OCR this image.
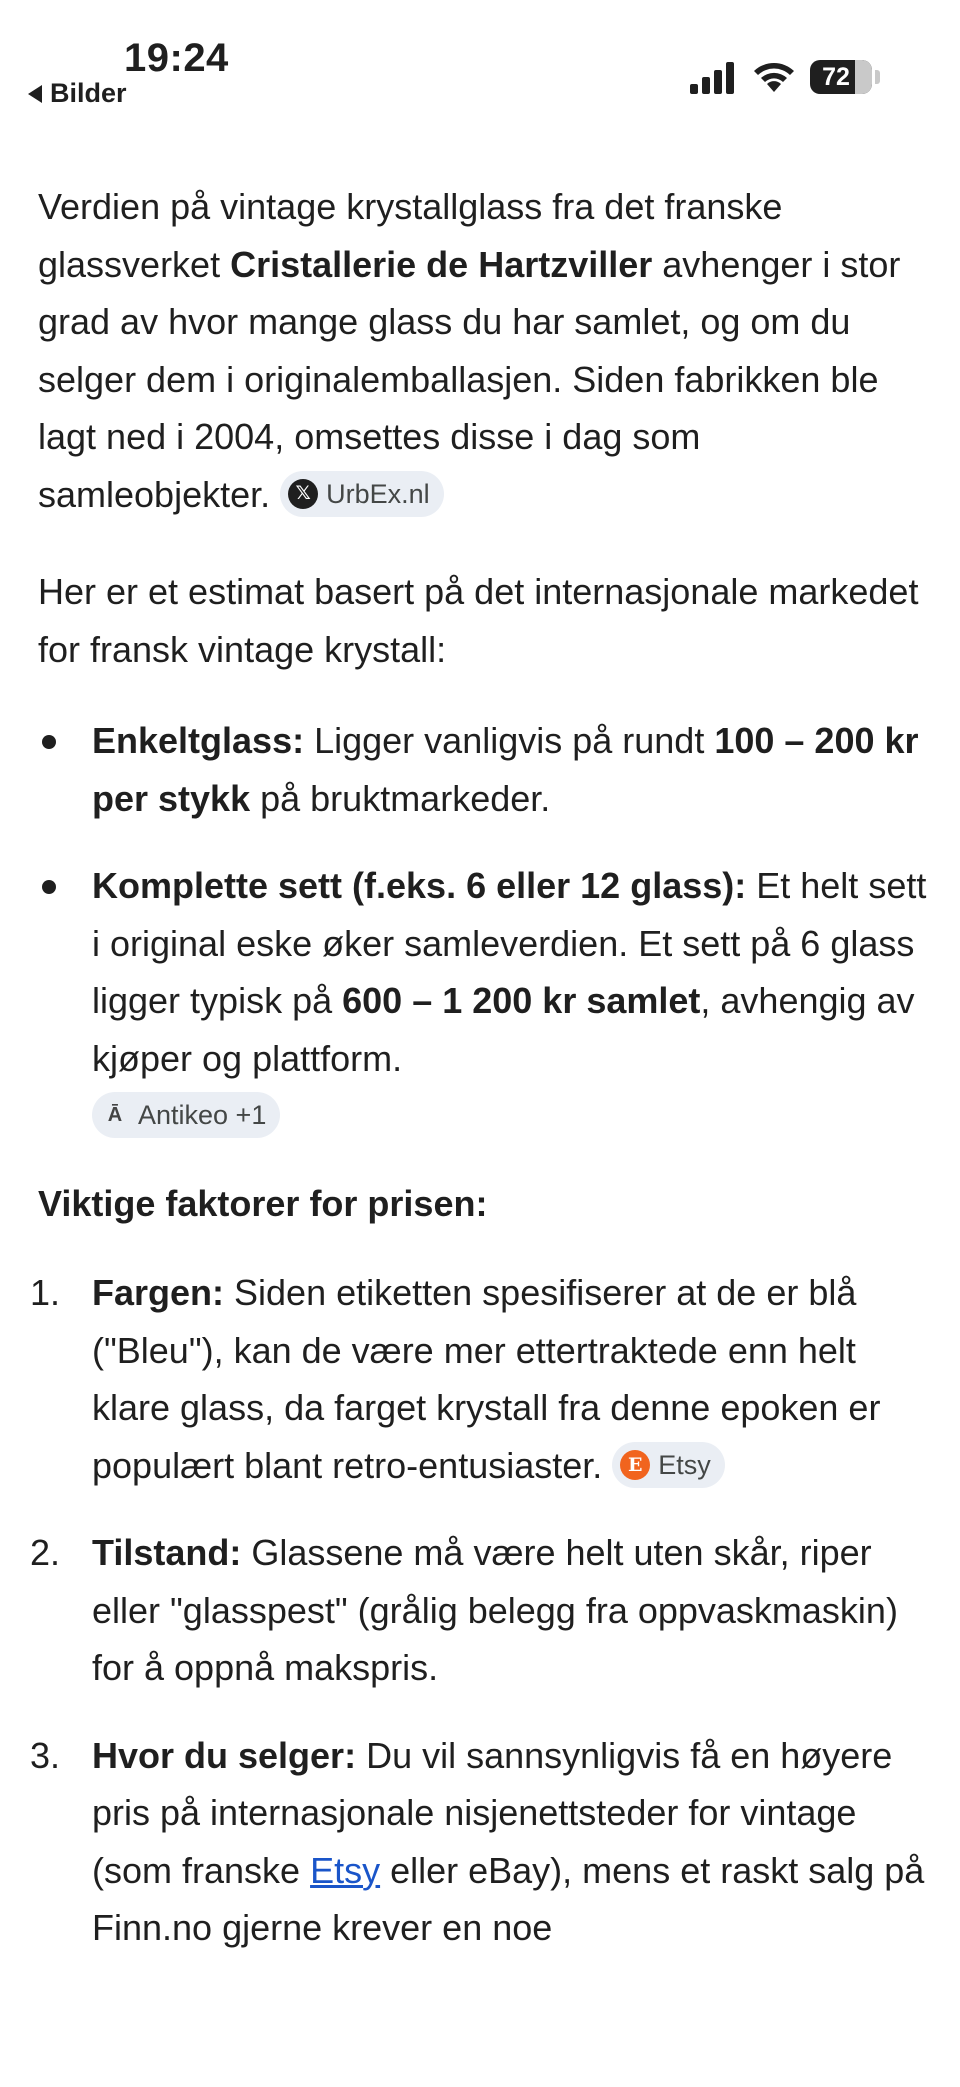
19:24
Bilder
72

Verdien på vintage krystallglass fra det franske glassverket Cristallerie de Hartzviller avhenger i stor grad av hvor mange glass du har samlet, og om du selger dem i originalemballasjen. Siden fabrikken ble lagt ned i 2004, omsettes disse i dag som samleobjekter. 𝕏 UrbEx.nl

Her er et estimat basert på det internasjonale markedet for fransk vintage krystall:

Enkeltglass: Ligger vanligvis på rundt 100 – 200 kr per stykk på bruktmarkeder.
Komplette sett (f.eks. 6 eller 12 glass): Et helt sett i original eske øker samleverdien. Et sett på 6 glass ligger typisk på 600 – 1 200 kr samlet, avhengig av kjøper og plattform.

Ā Antikeo +1

Viktige faktorer for prisen:

1. Fargen: Siden etiketten spesifiserer at de er blå ("Bleu"), kan de være mer ettertraktede enn helt klare glass, da farget krystall fra denne epoken er populært blant retro-entusiaster. E Etsy
2. Tilstand: Glassene må være helt uten skår, riper eller "glasspest" (grålig belegg fra oppvaskmaskin) for å oppnå makspris.
3. Hvor du selger: Du vil sannsynligvis få en høyere pris på internasjonale nisjenettsteder for vintage (som franske Etsy eller eBay), mens et raskt salg på Finn.no gjerne krever en noe
